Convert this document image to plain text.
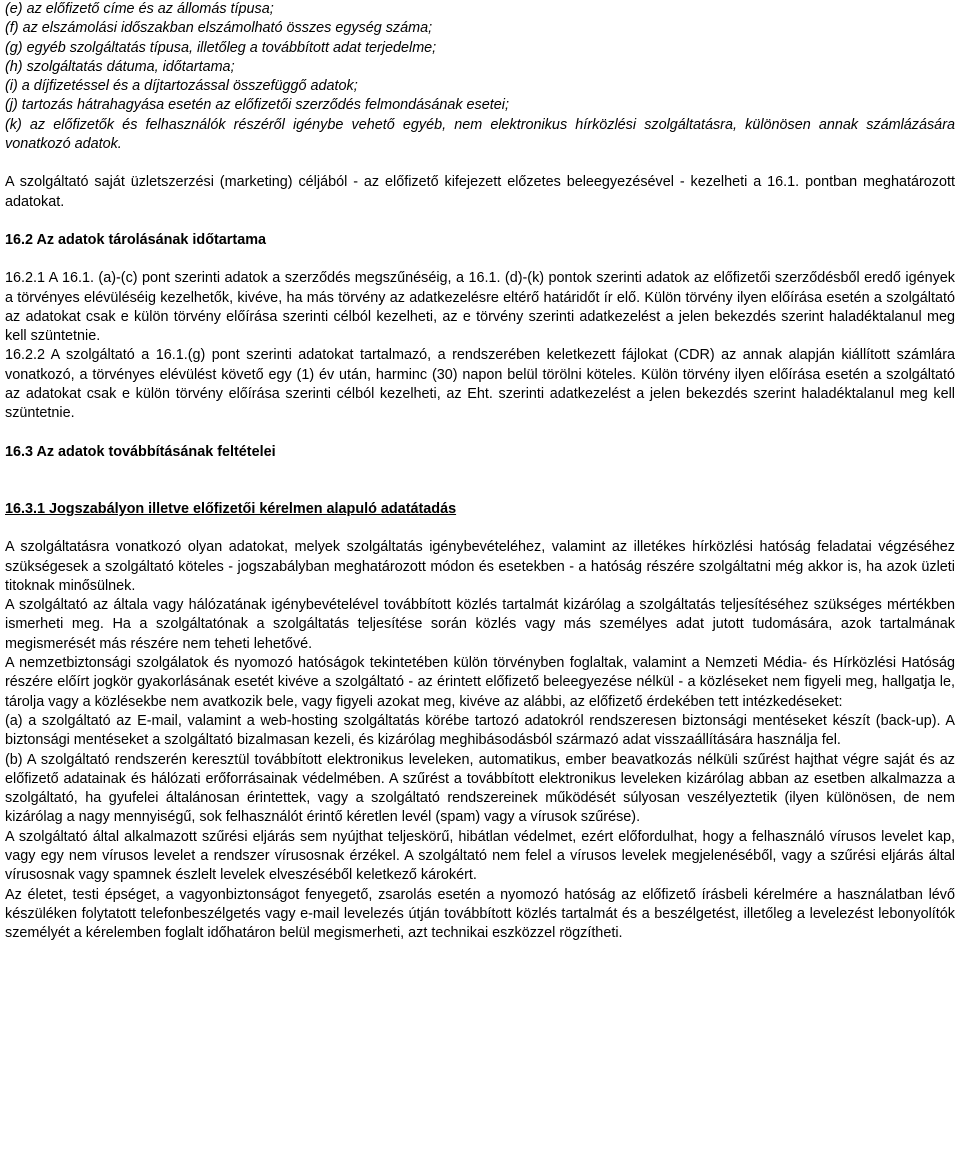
(e) az előfizető címe és az állomás típusa;

(f) az elszámolási időszakban elszámolható összes egység száma;

(g) egyéb szolgáltatás típusa, illetőleg a továbbított adat terjedelme;

(h) szolgáltatás dátuma, időtartama;

(i) a díjfizetéssel és a díjtartozással összefüggő adatok;

(j) tartozás hátrahagyása esetén az előfizetői szerződés felmondásának esetei;

(k) az előfizetők és felhasználók részéről igénybe vehető egyéb, nem elektronikus hírközlési szolgáltatásra, különösen annak számlázására vonatkozó adatok.

A szolgáltató saját üzletszerzési (marketing) céljából - az előfizető kifejezett előzetes beleegyezésével - kezelheti a 16.1. pontban meghatározott adatokat.

16.2 Az adatok tárolásának időtartama

16.2.1 A 16.1. (a)-(c) pont szerinti adatok a szerződés megszűnéséig, a 16.1. (d)-(k) pontok szerinti adatok az előfizetői szerződésből eredő igények a törvényes elévüléséig kezelhetők, kivéve, ha más törvény az adatkezelésre eltérő határidőt ír elő. Külön törvény ilyen előírása esetén a szolgáltató az adatokat csak e külön törvény előírása szerinti célból kezelheti, az e törvény szerinti adatkezelést a jelen bekezdés szerint haladéktalanul meg kell szüntetnie.

16.2.2 A szolgáltató a 16.1.(g) pont szerinti adatokat tartalmazó, a rendszerében keletkezett fájlokat (CDR) az annak alapján kiállított számlára vonatkozó, a törvényes elévülést követő egy (1) év után, harminc (30) napon belül törölni köteles. Külön törvény ilyen előírása esetén a szolgáltató az adatokat csak e külön törvény előírása szerinti célból kezelheti, az Eht. szerinti adatkezelést a jelen bekezdés szerint haladéktalanul meg kell szüntetnie.

16.3 Az adatok továbbításának feltételei
16.3.1 Jogszabályon illetve előfizetői kérelmen alapuló adatátadás

A szolgáltatásra vonatkozó olyan adatokat, melyek szolgáltatás igénybevételéhez, valamint az illetékes hírközlési hatóság feladatai végzéséhez szükségesek a szolgáltató köteles - jogszabályban meghatározott módon és esetekben - a hatóság részére szolgáltatni még akkor is, ha azok üzleti titoknak minősülnek.

A szolgáltató az általa vagy hálózatának igénybevételével továbbított közlés tartalmát kizárólag a szolgáltatás teljesítéséhez szükséges mértékben ismerheti meg. Ha a szolgáltatónak a szolgáltatás teljesítése során közlés vagy más személyes adat jutott tudomására, azok tartalmának megismerését más részére nem teheti lehetővé.

A nemzetbiztonsági szolgálatok és nyomozó hatóságok tekintetében külön törvényben foglaltak, valamint a Nemzeti Média- és Hírközlési Hatóság részére előírt jogkör gyakorlásának esetét kivéve a szolgáltató - az érintett előfizető beleegyezése nélkül - a közléseket nem figyeli meg, hallgatja le, tárolja vagy a közlésekbe nem avatkozik bele, vagy figyeli azokat meg, kivéve az alábbi, az előfizető érdekében tett intézkedéseket:

(a) a szolgáltató az E-mail, valamint a web-hosting szolgáltatás körébe tartozó adatokról rendszeresen biztonsági mentéseket készít (back-up). A biztonsági mentéseket a szolgáltató bizalmasan kezeli, és kizárólag meghibásodásból származó adat visszaállítására használja fel.

(b) A szolgáltató rendszerén keresztül továbbított elektronikus leveleken, automatikus, ember beavatkozás nélküli szűrést hajthat végre saját és az előfizető adatainak és hálózati erőforrásainak védelmében. A szűrést a továbbított elektronikus leveleken kizárólag abban az esetben alkalmazza a szolgáltató, ha gyufelei általánosan érintettek, vagy a szolgáltató rendszereinek működését súlyosan veszélyeztetik (ilyen különösen, de nem kizárólag a nagy mennyiségű, sok felhasználót érintő kéretlen levél (spam) vagy a vírusok szűrése).

A szolgáltató által alkalmazott szűrési eljárás sem nyújthat teljeskörű, hibátlan védelmet, ezért előfordulhat, hogy a felhasználó vírusos levelet kap, vagy egy nem vírusos levelet a rendszer vírusosnak érzékel. A szolgáltató nem felel a vírusos levelek megjelenéséből, vagy a szűrési eljárás által vírusosnak vagy spamnek észlelt levelek elveszéséből keletkező károkért.

Az életet, testi épséget, a vagyonbiztonságot fenyegető, zsarolás esetén a nyomozó hatóság az előfizető írásbeli kérelmére a használatban lévő készüléken folytatott telefonbeszélgetés vagy e-mail levelezés útján továbbított közlés tartalmát és a beszélgetést, illetőleg a levelezést lebonyolítók személyét a kérelemben foglalt időhatáron belül megismerheti, azt technikai eszközzel rögzítheti.
